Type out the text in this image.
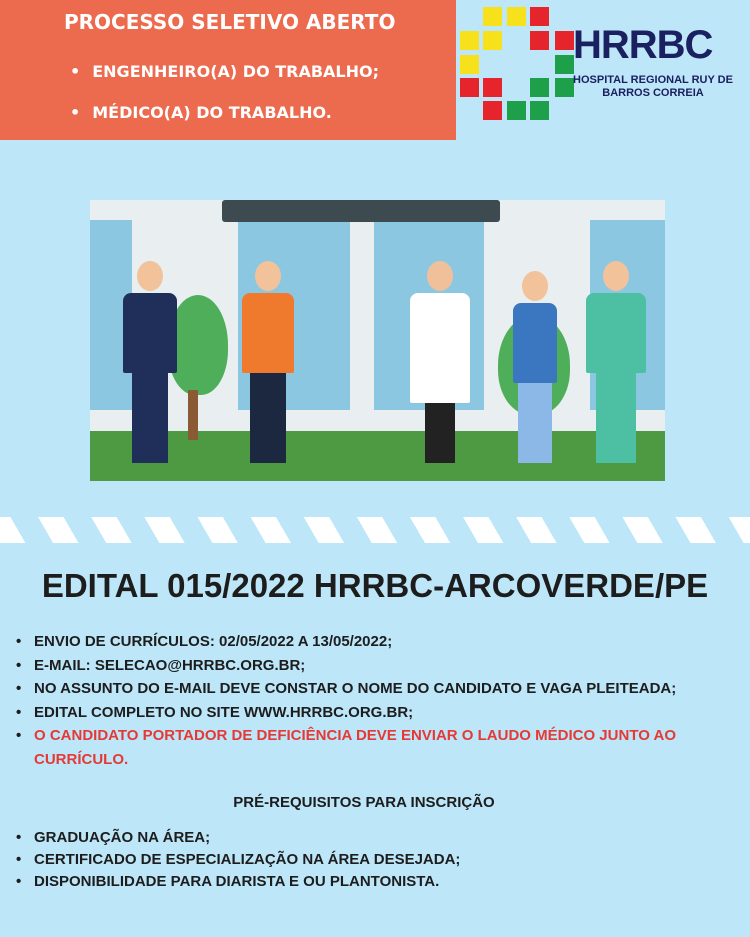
PROCESSO SELETIVO ABERTO
• ENGENHEIRO(A) DO TRABALHO;
• MÉDICO(A) DO TRABALHO.
HRRBC
HOSPITAL REGIONAL RUY DE BARROS CORREIA
EDITAL 015/2022 HRRBC-ARCOVERDE/PE
• ENVIO DE CURRÍCULOS: 02/05/2022 A 13/05/2022;
• E-MAIL: SELECAO@HRRBC.ORG.BR;
• NO ASSUNTO DO E-MAIL DEVE CONSTAR O NOME DO CANDIDATO E VAGA PLEITEADA;
• EDITAL COMPLETO NO SITE WWW.HRRBC.ORG.BR;
• O CANDIDATO PORTADOR DE DEFICIÊNCIA DEVE ENVIAR O LAUDO MÉDICO JUNTO AO CURRÍCULO.
PRÉ-REQUISITOS PARA INSCRIÇÃO
• GRADUAÇÃO NA ÁREA;
• CERTIFICADO DE ESPECIALIZAÇÃO NA ÁREA DESEJADA;
• DISPONIBILIDADE PARA DIARISTA E OU PLANTONISTA.
